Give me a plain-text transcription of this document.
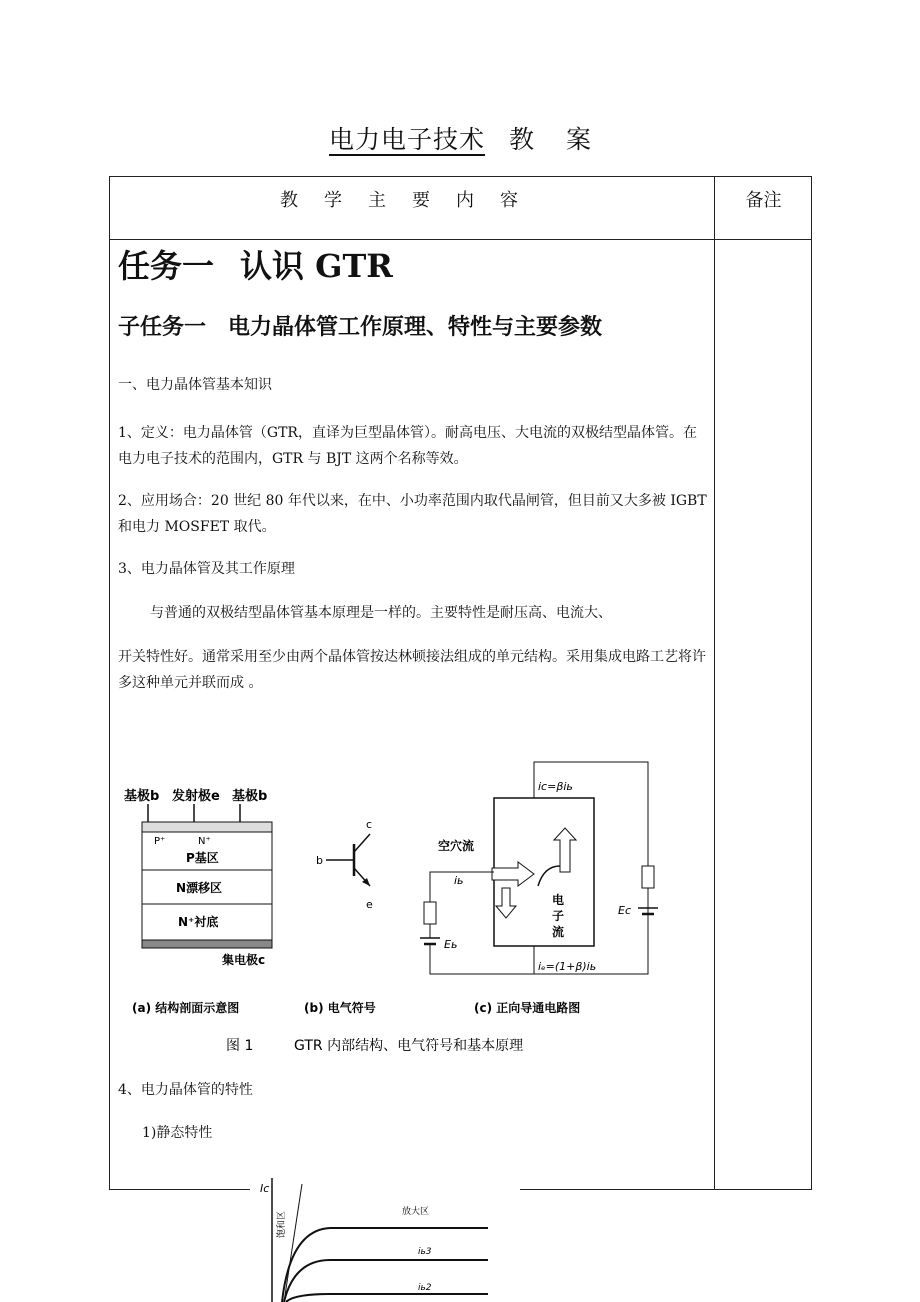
电力电子技术 教 案
教学主要内容	备注

任务一 认识 GTR

子任务一　电力晶体管工作原理、特性与主要参数

一、电力晶体管基本知识

1、定义：电力晶体管（GTR，直译为巨型晶体管）。耐高电压、大电流的双极结型晶体管。在电力电子技术的范围内，GTR 与 BJT 这两个名称等效。

2、应用场合：20 世纪 80 年代以来，在中、小功率范围内取代晶闸管，但目前又大多被 IGBT 和电力 MOSFET 取代。

3、电力晶体管及其工作原理

与普通的双极结型晶体管基本原理是一样的。主要特性是耐压高、电流大、

开关特性好。通常采用至少由两个晶体管按达林顿接法组成的单元结构。采用集成电路工艺将许多这种单元并联而成 。

4、电力晶体管的特性

1)静态特性

基极b 发射极e 基极b
P⁺	N⁺
P基区
N漂移区
N⁺衬底
集电极c
c
b
e
iᴄ=βiь
空穴流
iь
Eь
电
子
流
Eᴄ
iₑ=(1+β)iь
(a) 结构剖面示意图	(b) 电气符号	(c) 正向导通电路图
图 1	GTR 内部结构、电气符号和基本原理
Iᴄ
饱和区	放大区
iь3
iь2
